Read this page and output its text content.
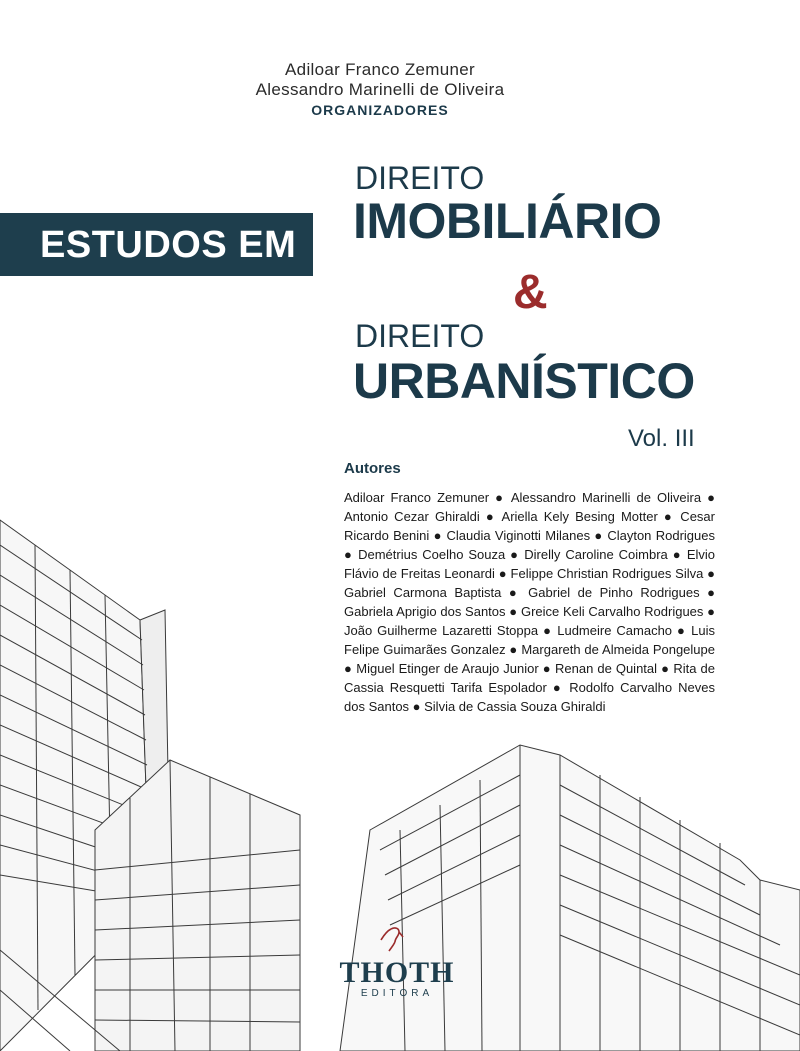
Adiloar Franco Zemuner
Alessandro Marinelli de Oliveira
ORGANIZADORES
ESTUDOS EM
DIREITO
IMOBILIÁRIO
&
DIREITO
URBANÍSTICO
Vol. III
Autores
Adiloar Franco Zemuner ● Alessandro Marinelli de Oliveira ● Antonio Cezar Ghiraldi ● Ariella Kely Besing Motter ● Cesar Ricardo Benini ● Claudia Viginotti Milanes ● Clayton Rodrigues ● Demétrius Coelho Souza ● Direlly Caroline Coimbra ● Elvio Flávio de Freitas Leonardi ● Felippe Christian Rodrigues Silva ● Gabriel Carmona Baptista ● Gabriel de Pinho Rodrigues ● Gabriela Aprigio dos Santos ● Greice Keli Carvalho Rodrigues ● João Guilherme Lazaretti Stoppa ● Ludmeire Camacho ● Luis Felipe Guimarães Gonzalez ● Margareth de Almeida Pongelupe ● Miguel Etinger de Araujo Junior ● Renan de Quintal ● Rita de Cassia Resquetti Tarifa Espolador ● Rodolfo Carvalho Neves dos Santos ● Silvia de Cassia Souza Ghiraldi
THOTH
EDITORA
